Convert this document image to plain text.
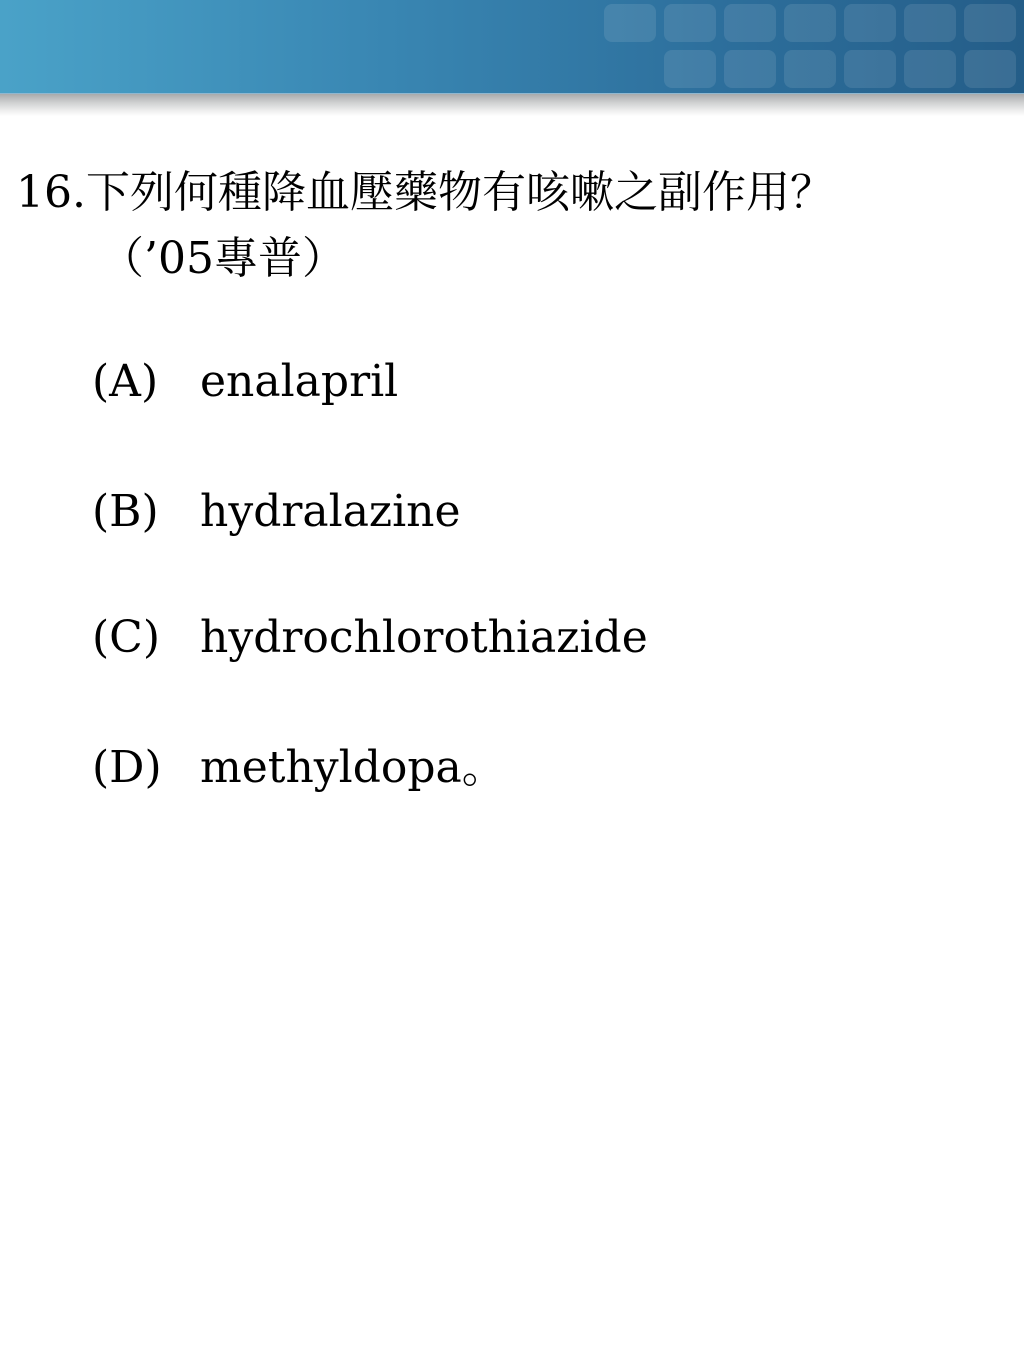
16.下列何種降血壓藥物有咳嗽之副作用？
（’05專普）
(A) enalapril
(B) hydralazine
(C) hydrochlorothiazide
(D) methyldopa。
